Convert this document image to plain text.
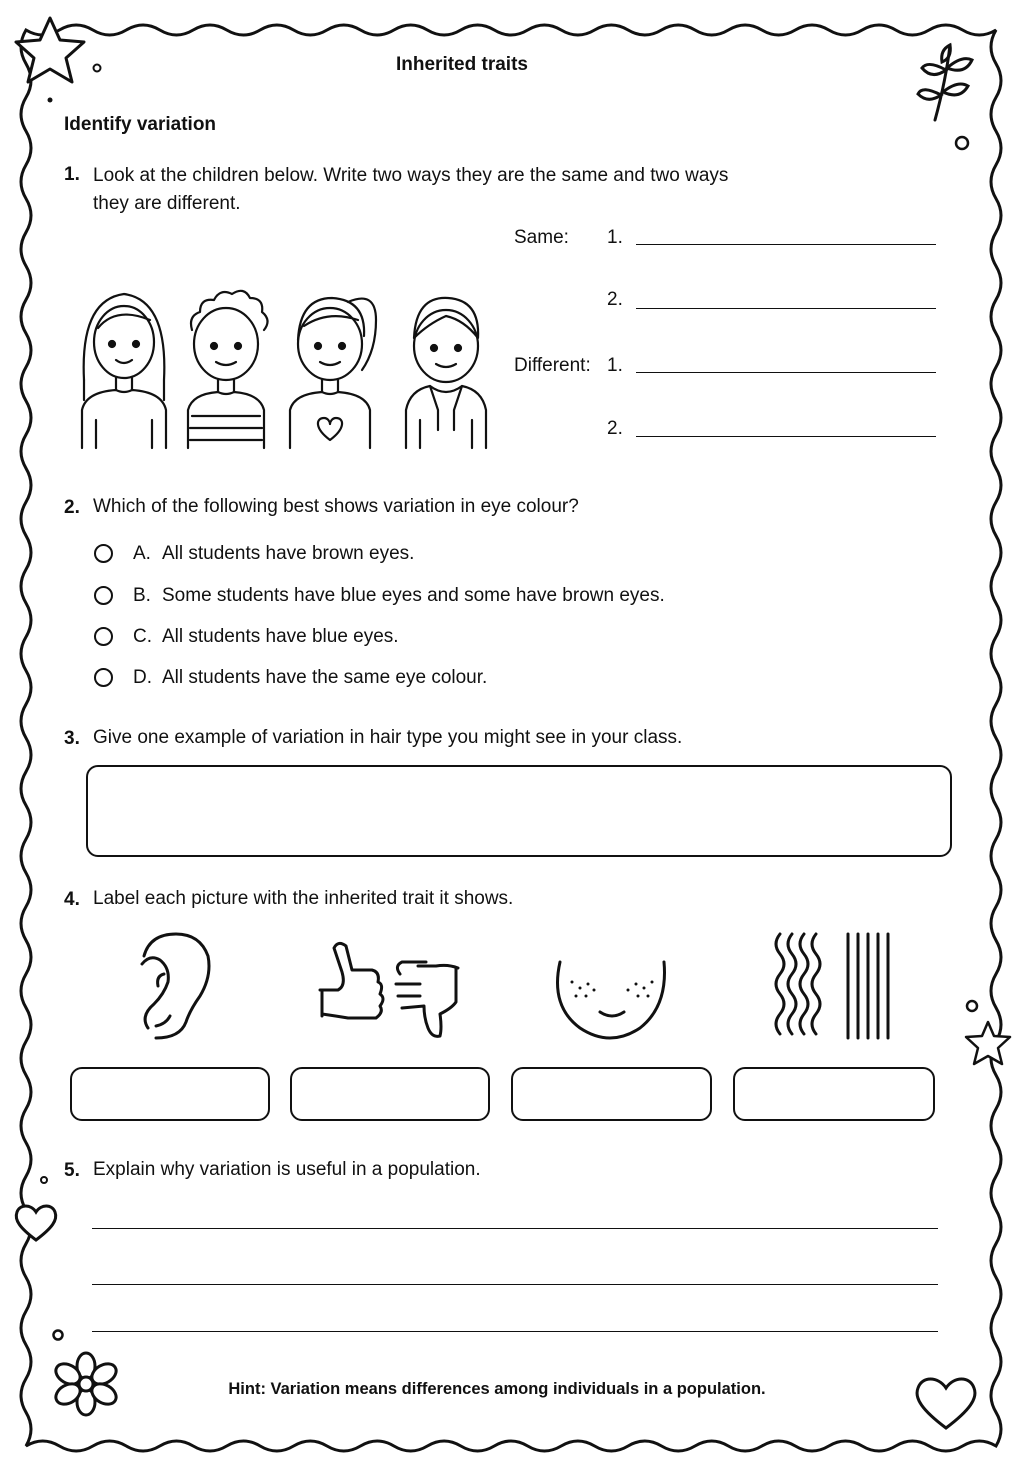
Inherited traits
Identify variation
1. Look at the children below. Write two ways they are the same and two ways
they are different.
Same: 1.
2.
Different: 1.
2.
2. Which of the following best shows variation in eye colour?
A. All students have brown eyes.
B. Some students have blue eyes and some have brown eyes.
C. All students have blue eyes.
D. All students have the same eye colour.
3. Give one example of variation in hair type you might see in your class.
4. Label each picture with the inherited trait it shows.
5. Explain why variation is useful in a population.
Hint: Variation means differences among individuals in a population.
